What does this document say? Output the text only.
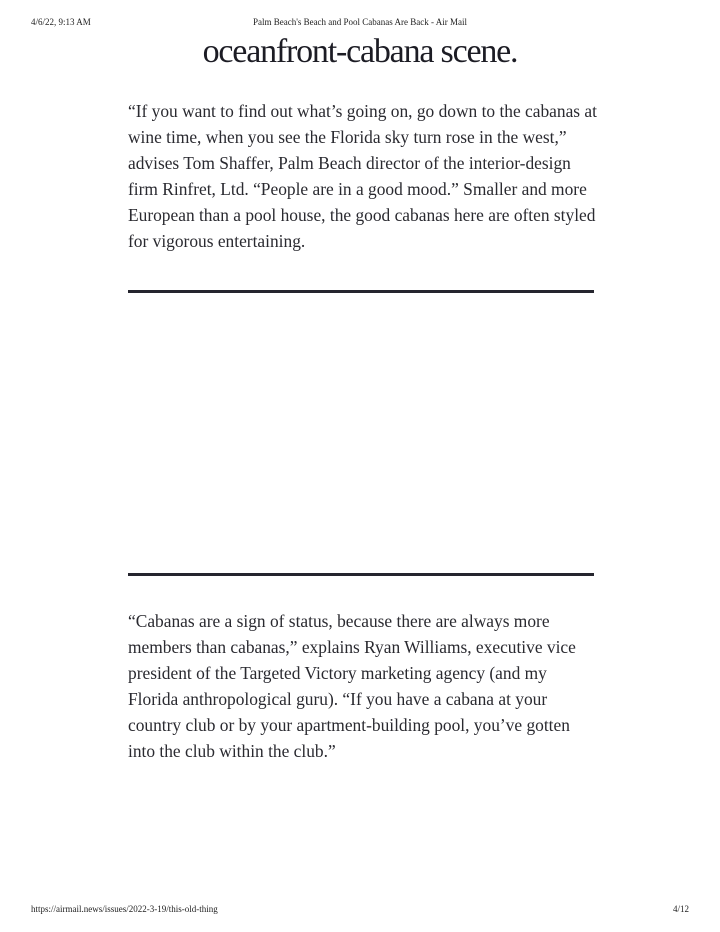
4/6/22, 9:13 AM	Palm Beach's Beach and Pool Cabanas Are Back - Air Mail
oceanfront-cabana scene.

“If you want to find out what’s going on, go down to the cabanas at wine time, when you see the Florida sky turn rose in the west,” advises Tom Shaffer, Palm Beach director of the interior-design firm Rinfret, Ltd. “People are in a good mood.” Smaller and more European than a pool house, the good cabanas here are often styled for vigorous entertaining.

“Cabanas are a sign of status, because there are always more members than cabanas,” explains Ryan Williams, executive vice president of the Targeted Victory marketing agency (and my Florida anthropological guru). “If you have a cabana at your country club or by your apartment-building pool, you’ve gotten into the club within the club.”

https://airmail.news/issues/2022-3-19/this-old-thing	4/12
